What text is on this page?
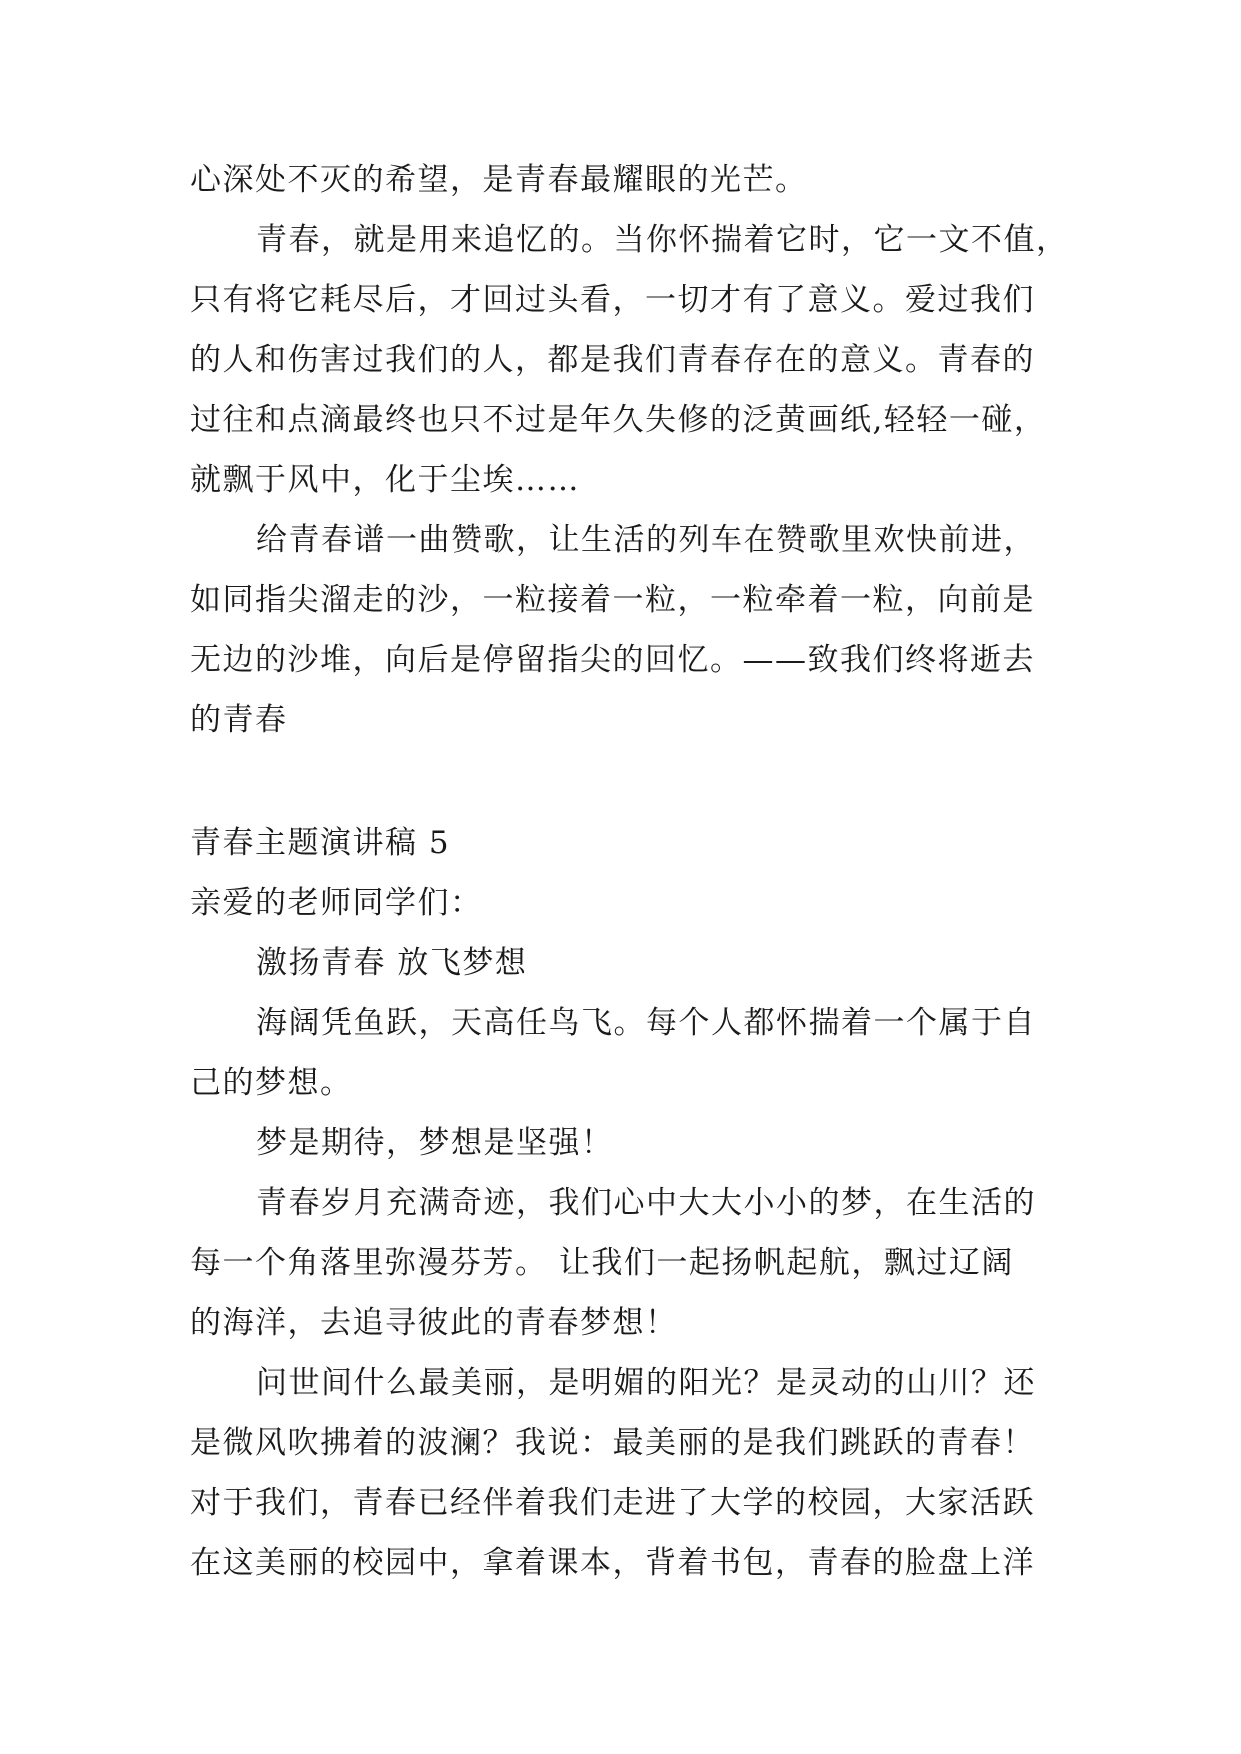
心深处不灭的希望，是青春最耀眼的光芒。
青春，就是用来追忆的。当你怀揣着它时，它一文不值，
只有将它耗尽后，才回过头看，一切才有了意义。爱过我们
的人和伤害过我们的人，都是我们青春存在的意义。青春的
过往和点滴最终也只不过是年久失修的泛黄画纸,轻轻一碰，
就飘于风中，化于尘埃……
给青春谱一曲赞歌，让生活的列车在赞歌里欢快前进，
如同指尖溜走的沙，一粒接着一粒，一粒牵着一粒，向前是
无边的沙堆，向后是停留指尖的回忆。——致我们终将逝去
的青春
青春主题演讲稿 5
亲爱的老师同学们：
激扬青春 放飞梦想
海阔凭鱼跃，天高任鸟飞。每个人都怀揣着一个属于自
己的梦想。
梦是期待，梦想是坚强！
青春岁月充满奇迹，我们心中大大小小的梦，在生活的
每一个角落里弥漫芬芳。 让我们一起扬帆起航，飘过辽阔
的海洋，去追寻彼此的青春梦想！
问世间什么最美丽，是明媚的阳光？是灵动的山川？还
是微风吹拂着的波澜？我说：最美丽的是我们跳跃的青春！
对于我们，青春已经伴着我们走进了大学的校园，大家活跃
在这美丽的校园中，拿着课本，背着书包，青春的脸盘上洋
